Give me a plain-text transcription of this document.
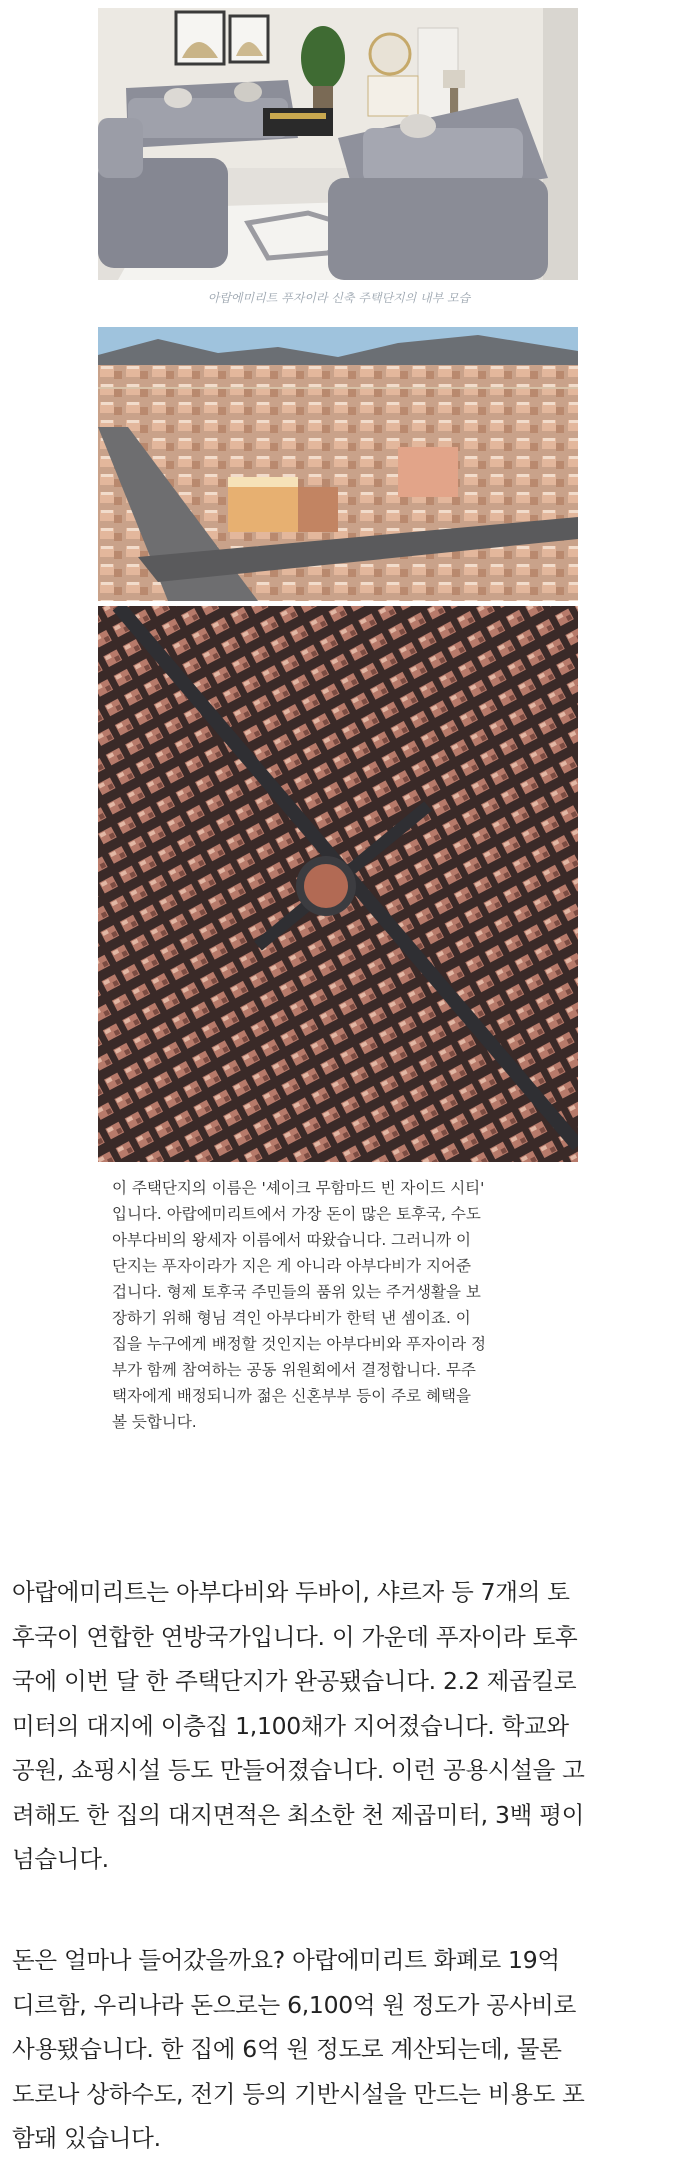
아랍에미리트 푸자이라 신축 주택단지의 내부 모습
이 주택단지의 이름은 '셰이크 무함마드 빈 자이드 시티'
입니다. 아랍에미리트에서 가장 돈이 많은 토후국, 수도
아부다비의 왕세자 이름에서 따왔습니다. 그러니까 이
단지는 푸자이라가 지은 게 아니라 아부다비가 지어준
겁니다. 형제 토후국 주민들의 품위 있는 주거생활을 보
장하기 위해 형님 격인 아부다비가 한턱 낸 셈이죠. 이
집을 누구에게 배정할 것인지는 아부다비와 푸자이라 정
부가 함께 참여하는 공동 위원회에서 결정합니다. 무주
택자에게 배정되니까 젊은 신혼부부 등이 주로 혜택을
볼 듯합니다.
아랍에미리트는 아부다비와 두바이, 샤르자 등 7개의 토
후국이 연합한 연방국가입니다. 이 가운데 푸자이라 토후
국에 이번 달 한 주택단지가 완공됐습니다. 2.2 제곱킬로
미터의 대지에 이층집 1,100채가 지어졌습니다. 학교와
공원, 쇼핑시설 등도 만들어졌습니다. 이런 공용시설을 고
려해도 한 집의 대지면적은 최소한 천 제곱미터, 3백 평이
넘습니다.
돈은 얼마나 들어갔을까요? 아랍에미리트 화폐로 19억
디르함, 우리나라 돈으로는 6,100억 원 정도가 공사비로
사용됐습니다. 한 집에 6억 원 정도로 계산되는데, 물론
도로나 상하수도, 전기 등의 기반시설을 만드는 비용도 포
함돼 있습니다.
